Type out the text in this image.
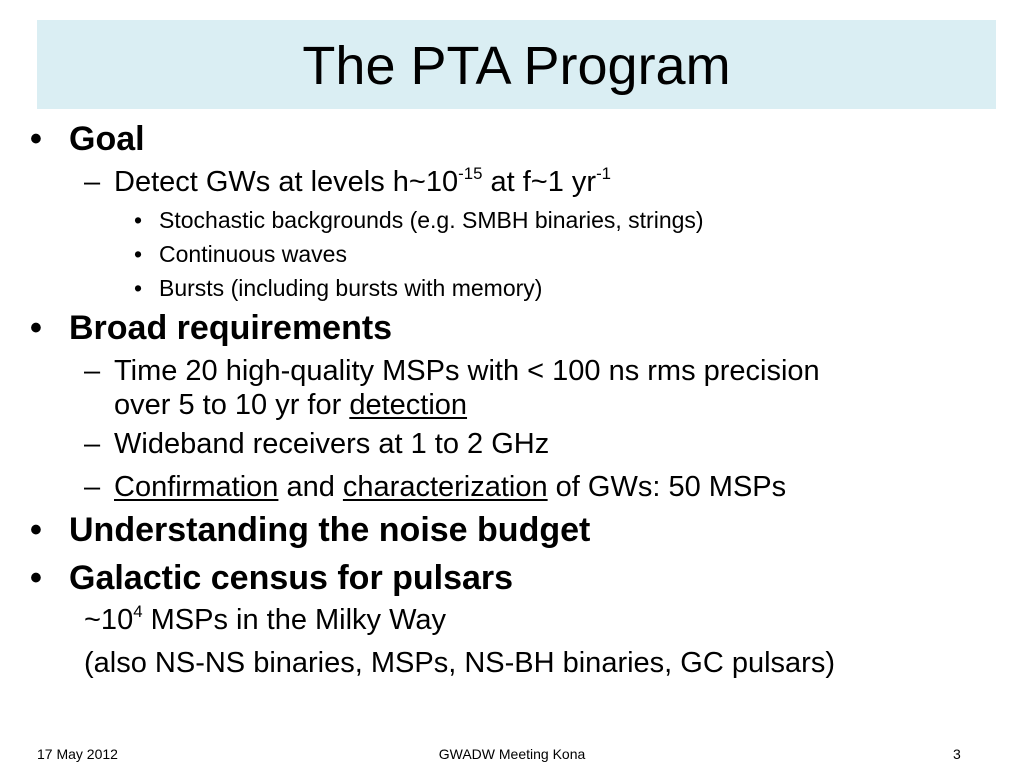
The PTA Program
• Goal
– Detect GWs at levels $h\sim 10^{-15}$ at f~1 $yr^{-1}$
• Stochastic backgrounds (e.g. SMBH binaries, strings)
• Continuous waves
• Bursts (including bursts with memory)
• Broad requirements
– Time 20 high-quality MSPs with < 100 ns rms precision
over 5 to 10 yr for detection
– Wideband receivers at 1 to 2 GHz
– Confirmation and characterization of GWs: 50 MSPs
• Understanding the noise budget
• Galactic census for pulsars
$\sim 10^4$ MSPs in the Milky Way
(also NS-NS binaries, MSPs, NS-BH binaries, GC pulsars)
17 May 2012	GWADW Meeting Kona	3
